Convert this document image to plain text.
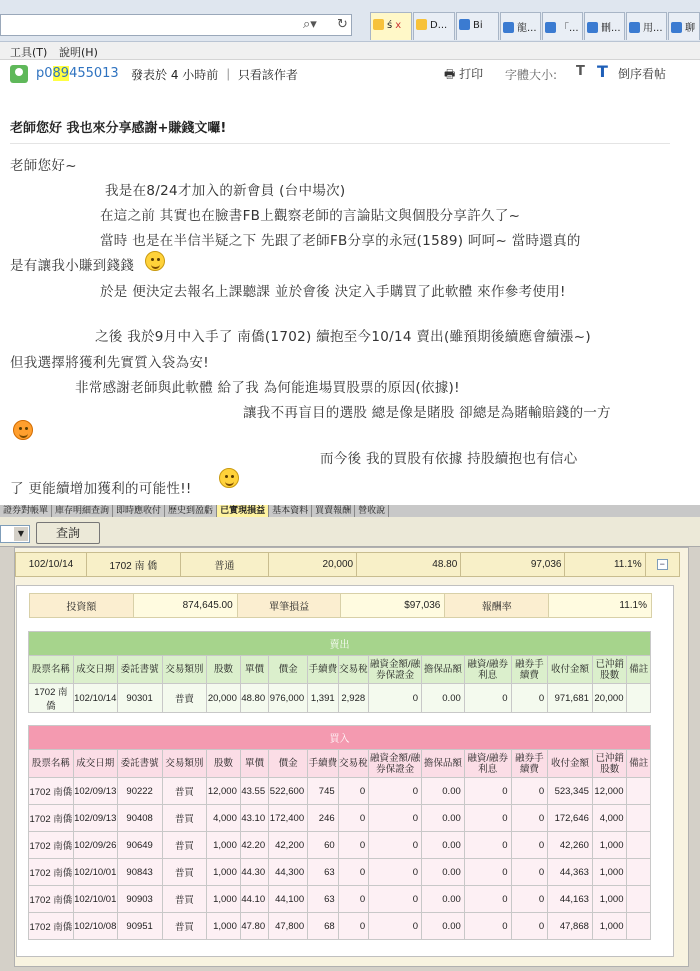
⌕▾ ↻	ś x	D...	Bi	龍...	「...	刪...	用...	聊
工具(T) 說明(H)
p089455013 發表於 4 小時前 ｜ 只看該作者	🖶 打印 字體大小: T T 倒序看帖
老師您好 我也來分享感謝+賺錢文囉!
老師您好~
我是在8/24才加入的新會員 (台中場次)
在這之前 其實也在臉書FB上觀察老師的言論貼文與個股分享許久了~
當時 也是在半信半疑之下 先跟了老師FB分享的永冠(1589) 呵呵~ 當時還真的
是有讓我小賺到錢錢
於是 便決定去報名上課聽課 並於會後 決定入手購買了此軟體 來作參考使用!
之後 我於9月中入手了 南僑(1702) 續抱至今10/14 賣出(雖預期後續應會續漲~)
但我選擇將獲利先實質入袋為安!
非常感謝老師與此軟體 給了我 為何能進場買股票的原因(依據)!
讓我不再盲目的選股 總是像是賭股 卻總是為賭輸賠錢的一方
而今後 我的買股有依據 持股續抱也有信心
了 更能續增加獲利的可能性!!
證券對帳單 庫存明細查詢 即時應收付 歷史到盈虧 已實現損益 基本資料 買賣報酬 營收說
▼	查詢
102/10/14	1702 南 僑	普通	20,000	48.80	97,036	11.1%	−
投資額	874,645.00	單筆損益	$97,036	報酬率	11.1%
賣出															
股票名稱	成交日期	委託書號	交易類別	股數	單價	價金	手續費	交易稅	融資金額/融券保證金	擔保品額	融資/融券利息	融券手續費	收付金額	已沖銷股數	備註
1702 南 僑	102/10/14	90301	普賣	20,000	48.80	976,000	1,391	2,928	0	0.00	0	0	971,681	20,000	
買入															
股票名稱	成交日期	委託書號	交易類別	股數	單價	價金	手續費	交易稅	融資金額/融券保證金	擔保品額	融資/融券利息	融券手續費	收付金額	已沖銷股數	備註
1702 南僑	102/09/13	90222	普買	12,000	43.55	522,600	745	0	0	0.00	0	0	523,345	12,000	
1702 南僑	102/09/13	90408	普買	4,000	43.10	172,400	246	0	0	0.00	0	0	172,646	4,000	
1702 南僑	102/09/26	90649	普買	1,000	42.20	42,200	60	0	0	0.00	0	0	42,260	1,000	
1702 南僑	102/10/01	90843	普買	1,000	44.30	44,300	63	0	0	0.00	0	0	44,363	1,000	
1702 南僑	102/10/01	90903	普買	1,000	44.10	44,100	63	0	0	0.00	0	0	44,163	1,000	
1702 南僑	102/10/08	90951	普買	1,000	47.80	47,800	68	0	0	0.00	0	0	47,868	1,000	
